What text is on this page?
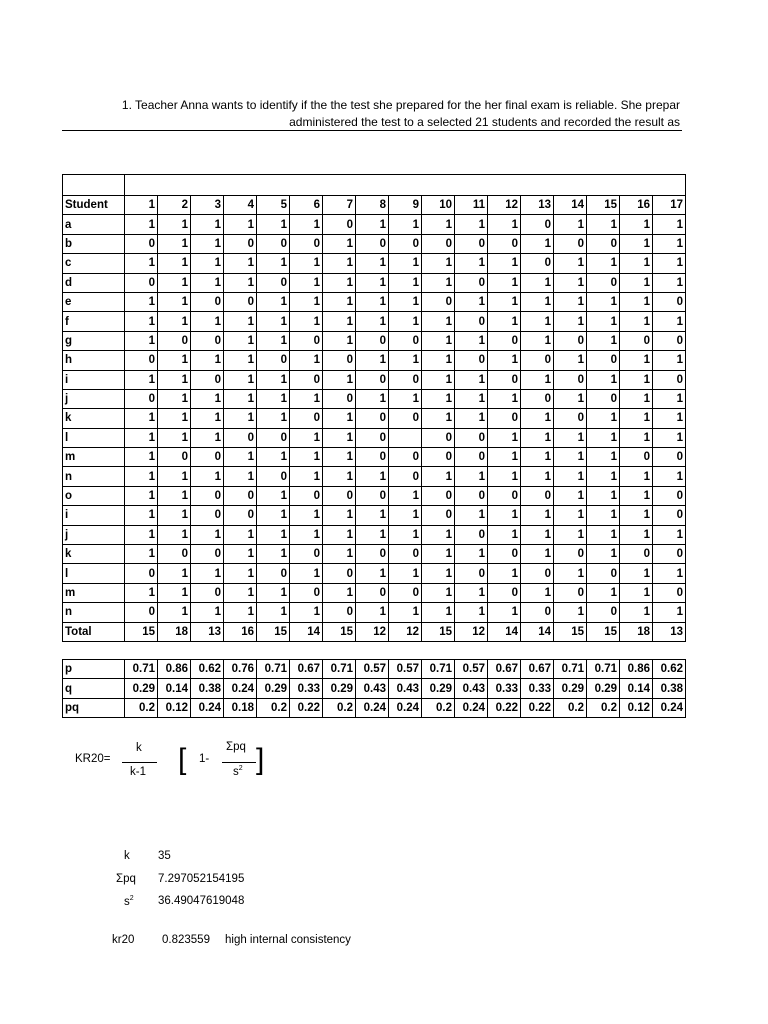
1. Teacher Anna wants to identify if the the test she prepared for the her final exam is reliable. She prepar
administered the test to a selected 21 students and recorded the result as

Student	1	2	3	4	5	6	7	8	9	10	11	12	13	14	15	16	17
a	1	1	1	1	1	1	0	1	1	1	1	1	0	1	1	1	1
b	0	1	1	0	0	0	1	0	0	0	0	0	1	0	0	1	1
c	1	1	1	1	1	1	1	1	1	1	1	1	0	1	1	1	1
d	0	1	1	1	0	1	1	1	1	1	0	1	1	1	0	1	1
e	1	1	0	0	1	1	1	1	1	0	1	1	1	1	1	1	0
f	1	1	1	1	1	1	1	1	1	1	0	1	1	1	1	1	1
g	1	0	0	1	1	0	1	0	0	1	1	0	1	0	1	0	0
h	0	1	1	1	0	1	0	1	1	1	0	1	0	1	0	1	1
i	1	1	0	1	1	0	1	0	0	1	1	0	1	0	1	1	0
j	0	1	1	1	1	1	0	1	1	1	1	1	0	1	0	1	1
k	1	1	1	1	1	0	1	0	0	1	1	0	1	0	1	1	1
l	1	1	1	0	0	1	1	0		0	0	1	1	1	1	1	1
m	1	0	0	1	1	1	1	0	0	0	0	1	1	1	1	0	0
n	1	1	1	1	0	1	1	1	0	1	1	1	1	1	1	1	1
o	1	1	0	0	1	0	0	0	1	0	0	0	0	1	1	1	0
i	1	1	0	0	1	1	1	1	1	0	1	1	1	1	1	1	0
j	1	1	1	1	1	1	1	1	1	1	0	1	1	1	1	1	1
k	1	0	0	1	1	0	1	0	0	1	1	0	1	0	1	0	0
l	0	1	1	1	0	1	0	1	1	1	0	1	0	1	0	1	1
m	1	1	0	1	1	0	1	0	0	1	1	0	1	0	1	1	0
n	0	1	1	1	1	1	0	1	1	1	1	1	0	1	0	1	1
Total	15	18	13	16	15	14	15	12	12	15	12	14	14	15	15	18	13
p	0.71	0.86	0.62	0.76	0.71	0.67	0.71	0.57	0.57	0.71	0.57	0.67	0.67	0.71	0.71	0.86	0.62
q	0.29	0.14	0.38	0.24	0.29	0.33	0.29	0.43	0.43	0.29	0.43	0.33	0.33	0.29	0.29	0.14	0.38
pq	0.2	0.12	0.24	0.18	0.2	0.22	0.2	0.24	0.24	0.2	0.24	0.22	0.22	0.2	0.2	0.12	0.24
KR20=
k
k-1 [ 1-
Σpq
$s^2$ ]
k 35
Σpq 7.297052154195
$s^2$ 36.49047619048
kr20 0.823559 high internal consistency
